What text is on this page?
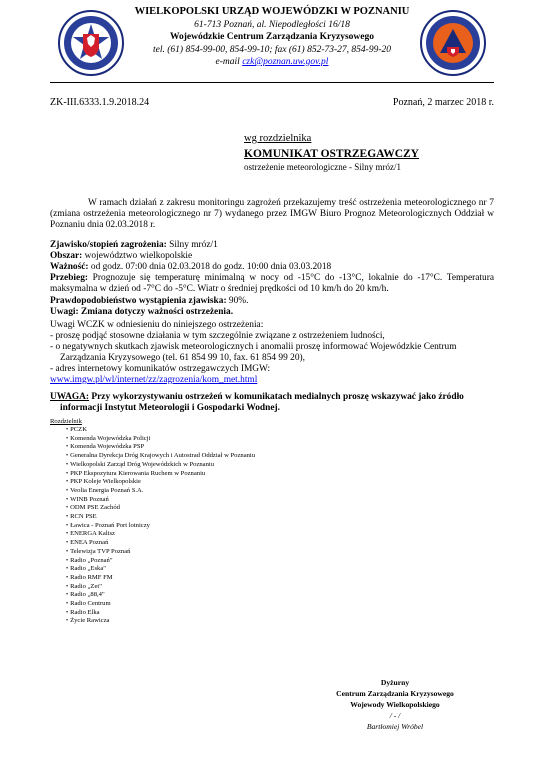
WIELKOPOLSKI URZĄD WOJEWÓDZKI W POZNANIU
61-713 Poznań, al. Niepodległości 16/18
Wojewódzkie Centrum Zarządzania Kryzysowego
tel. (61) 854-99-00, 854-99-10; fax (61) 852-73-27, 854-99-20
e-mail czk@poznan.uw.gov.pl
ZK-III.6333.1.9.2018.24	Poznań, 2 marzec 2018 r.
wg rozdzielnika
KOMUNIKAT OSTRZEGAWCZY
ostrzeżenie meteorologiczne - Silny mróz/1
W ramach działań z zakresu monitoringu zagrożeń przekazujemy treść ostrzeżenia meteorologicznego nr 7 (zmiana ostrzeżenia meteorologicznego nr 7) wydanego przez IMGW Biuro Prognoz Meteorologicznych Oddział w Poznaniu dnia 02.03.2018 r.
Zjawisko/stopień zagrożenia: Silny mróz/1
Obszar: województwo wielkopolskie
Ważność: od godz. 07:00 dnia 02.03.2018 do godz. 10:00 dnia 03.03.2018
Przebieg: Prognozuje się temperaturę minimalną w nocy od -15°C do -13°C, lokalnie do -17°C. Temperatura maksymalna w dzień od -7°C do -5°C. Wiatr o średniej prędkości od 10 km/h do 20 km/h.
Prawdopodobieństwo wystąpienia zjawiska: 90%.
Uwagi: Zmiana dotyczy ważności ostrzeżenia.
Uwagi WCZK w odniesieniu do niniejszego ostrzeżenia:
- proszę podjąć stosowne działania w tym szczególnie związane z ostrzeżeniem ludności,
- o negatywnych skutkach zjawisk meteorologicznych i anomalii proszę informować Wojewódzkie Centrum
Zarządzania Kryzysowego (tel. 61 854 99 10, fax. 61 854 99 20),
- adres internetowy komunikatów ostrzegawczych IMGW:
www.imgw.pl/wl/internet/zz/zagrozenia/kom_met.html
UWAGA: Przy wykorzystywaniu ostrzeżeń w komunikatach medialnych proszę wskazywać jako źródło
informacji Instytut Meteorologii i Gospodarki Wodnej.
Rozdzielnik
• PCZK
• Komenda Wojewódzka Policji
• Komenda Wojewódzka PSP
• Generalna Dyrekcja Dróg Krajowych i Autostrad Oddział w Poznaniu
• Wielkopolski Zarząd Dróg Wojewódzkich w Poznaniu
• PKP Ekspozytura Kierowania Ruchem w Poznaniu
• PKP Koleje Wielkopolskie
• Veolia Energia Poznań S.A.
• WINB Poznań
• ODM PSE Zachód
• RCN PSE
• Ławica - Poznań Port lotniczy
• ENERGA Kalisz
• ENEA Poznań
• Telewizja TVP Poznań
• Radio „Poznań"
• Radio „Eska"
• Radio RMF FM
• Radio „Zet"
• Radio „88,4"
• Radio Centrum
• Radio Elka
• Życie Rawicza
Dyżurny
Centrum Zarządzania Kryzysowego
Wojewody Wielkopolskiego
/ - /
Bartłomiej Wróbel
